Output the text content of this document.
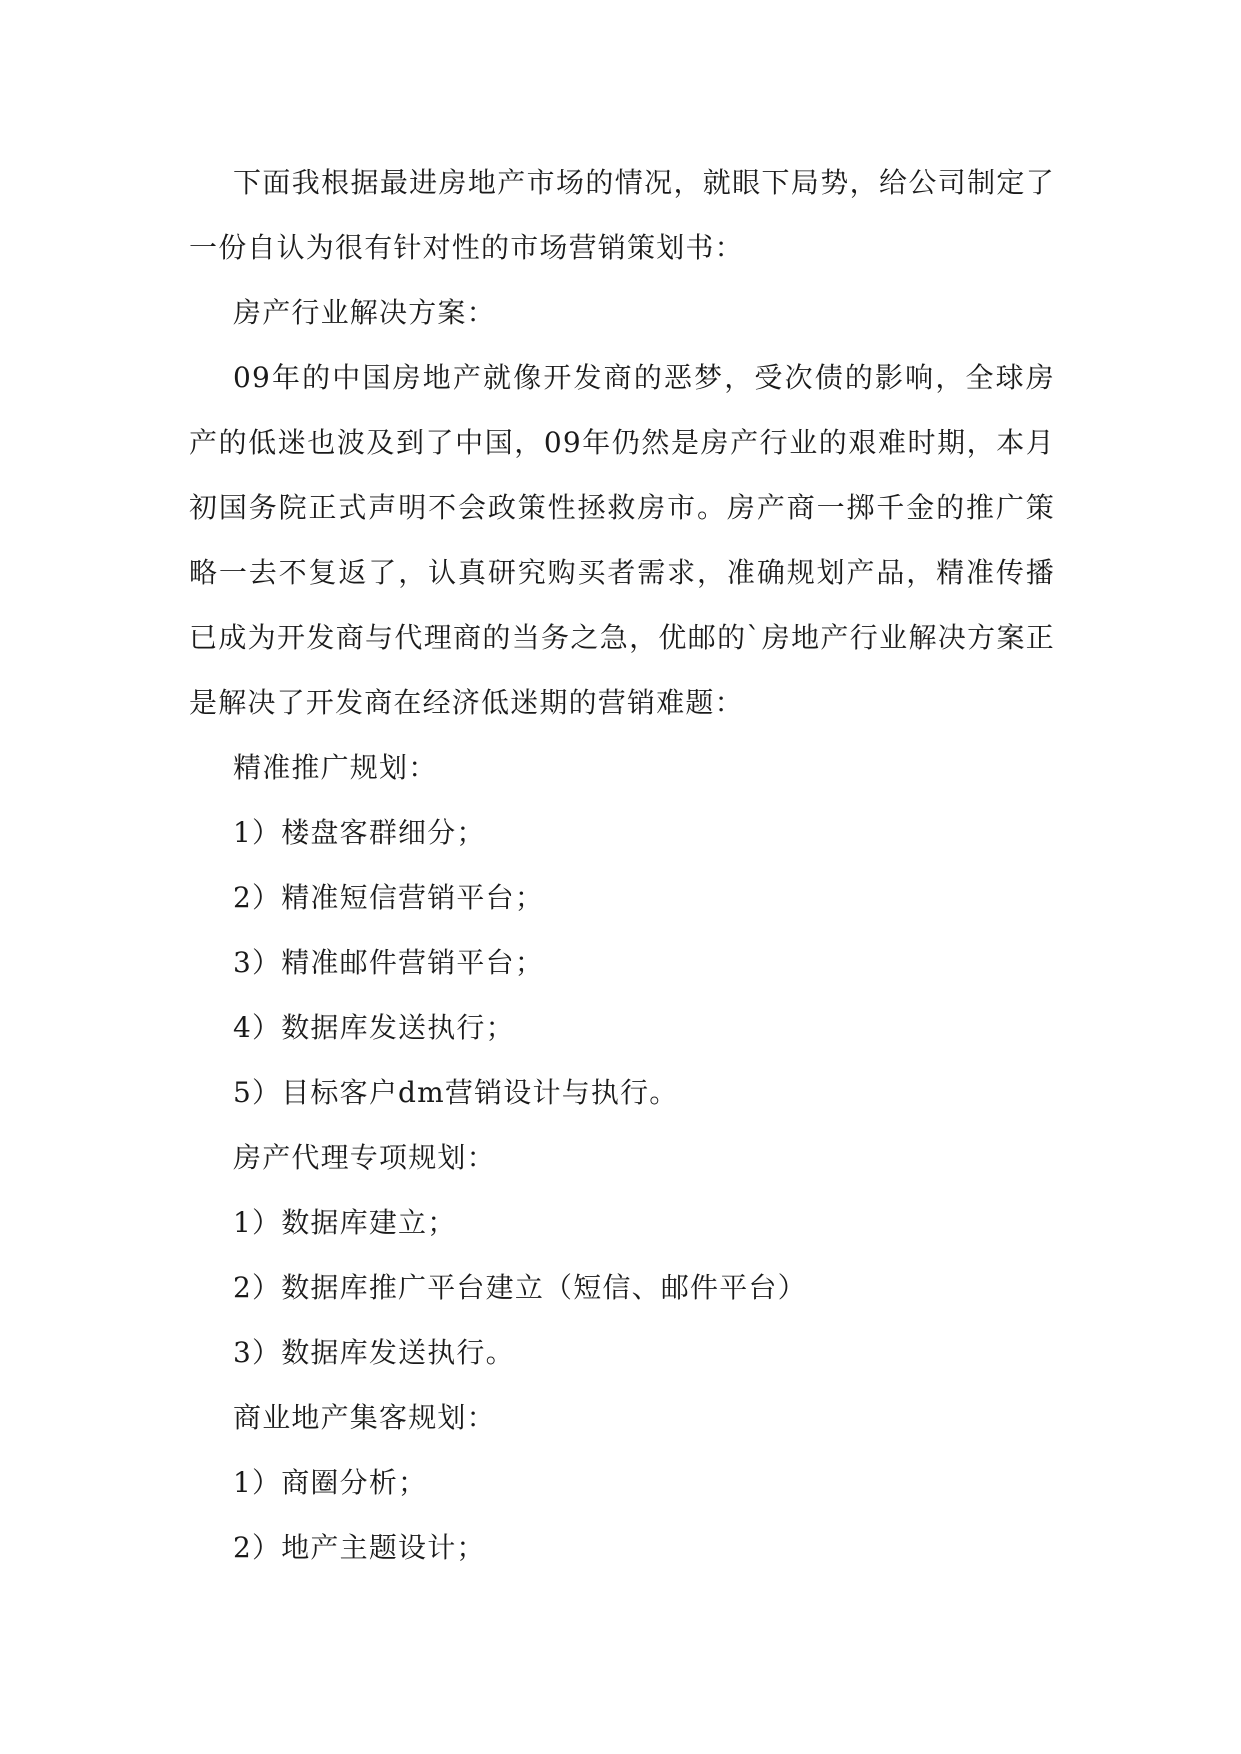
下面我根据最进房地产市场的情况，就眼下局势，给公司制定了一份自认为很有针对性的市场营销策划书：

房产行业解决方案：

09年的中国房地产就像开发商的恶梦，受次债的影响，全球房产的低迷也波及到了中国，09年仍然是房产行业的艰难时期，本月初国务院正式声明不会政策性拯救房市。房产商一掷千金的推广策略一去不复返了，认真研究购买者需求，准确规划产品，精准传播已成为开发商与代理商的当务之急，优邮的`房地产行业解决方案正是解决了开发商在经济低迷期的营销难题：

精准推广规划：

1）楼盘客群细分；

2）精准短信营销平台；

3）精准邮件营销平台；

4）数据库发送执行；

5）目标客户dm营销设计与执行。

房产代理专项规划：

1）数据库建立；

2）数据库推广平台建立（短信、邮件平台）

3）数据库发送执行。

商业地产集客规划：

1）商圈分析；

2）地产主题设计；
